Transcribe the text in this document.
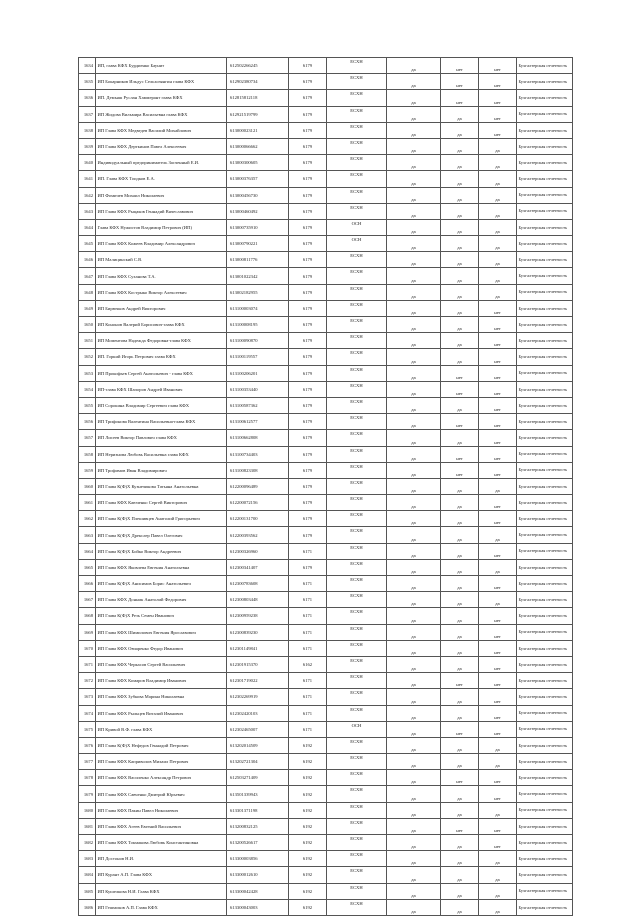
1634	ИП, глава КФХ Бурдиенко Баунит	612502266245	6179	ЕСХН	да	нет	нет	Бухгалтерская отчетность
1635	ИП Бокарников Ильдус Сельхозянгин глава КФХ	612902380734	6179	ЕСХН	да	нет	нет	Бухгалтерская отчетность
1636	ИП. Демьяш Руслан Хаммерант глава КФХ	612815812118	6179	ЕСХН	да	нет	нет	Бухгалтерская отчетность
1637	ИП Жидова Вильмира Васильевна глава КФХ	612921519799	6179	ЕСХН	да	да	нет	Бухгалтерская отчетность
1638	ИП Глава КФХ Медведев Василий Михайлович	613000023121	6179	ЕСХН	да	да	нет	Бухгалтерская отчетность
1639	ИП Глава КФХ Дерткинов Павел Алексеевич	613000066662	6179	ЕСХН	да	да	да	Бухгалтерская отчетность
1640	Индивидуальный предприниматель Засченный Е.И.	613000300605	6179	ЕСХН	да	да	да	Бухгалтерская отчетность
1641	ИП. Глава КФХ Тоидков Е.А.	613000376357	6179	ЕСХН	да	да	да	Бухгалтерская отчетность
1642	ИП Фомичев Михаил Николаевич	613000456730	6179	ЕСХН	да	да	да	Бухгалтерская отчетность
1643	ИП Глава КФХ Рыцаков Геннадий Вячеславович	613000460492	6179	ЕСХН	да	да	да	Бухгалтерская отчетность
1644	Глава КФХ Нужистов Владимир Петрович (ИП)	613000735910	6179	ОСН	да	да	да	Бухгалтерская отчетность
1645	ИП Глава КФХ Кожеев Владимир Александрович	613000790221	6179	ОСН	да	да	да	Бухгалтерская отчетность
1646	ИП Малицинский С.В.	613000811776	6179	ЕСХН	да	да	да	Бухгалтерская отчетность
1647	ИП Глава КФХ Суханова Т.А.	613001022342	6179	ЕСХН	да	да	да	Бухгалтерская отчетность
1648	ИП Глава КФХ Кострыко Виктор Алексеевич	613002182955	6179	ЕСХН	да	да	да	Бухгалтерская отчетность
1649	ИП Бирючков Андрей Викторович	613100003074	6179	ЕСХН	да	да	нет	Бухгалтерская отчетность
1650	ИП Кононов Валерий Борисович-глава КФХ	613100008195	6179	ЕСХН	да	да	нет	Бухгалтерская отчетность
1651	ИП Моментова Надежда Федоровна-глава КФХ	613100090870	6179	ЕСХН	да	да	нет	Бухгалтерская отчетность
1652	ИП. Горкий Игорь Петрович глава КФХ	613100119557	6179	ЕСХН	да	да	нет	Бухгалтерская отчетность
1653	ИП Прокофьев Сергей Анатольевич - глава КФХ	613100206201	6179	ЕСХН	да	нет	нет	Бухгалтерская отчетность
1654	ИП-глава КФХ Шапоров Андрей Иванович	613100353440	6179	ЕСХН	да	нет	нет	Бухгалтерская отчетность
1655	ИП Сорокина Владимир Сергеевич глава КФХ	613100587362	6179	ЕСХН	да	да	нет	Бухгалтерская отчетность
1656	ИП Трифонова Валентина Васильевна-глава КФХ	613100612577	6179	ЕСХН	да	нет	нет	Бухгалтерская отчетность
1657	ИП Лисеев Виктор Павлович глава КФХ	613100662808	6179	ЕСХН	да	да	нет	Бухгалтерская отчетность
1658	ИП Неризнова Любовь Васильевна глава КФХ	613100734403	6179	ЕСХН	да	нет	нет	Бухгалтерская отчетность
1659	ИП Трофимов Иван Владимирович	613100823308	6179	ЕСХН	да	нет	нет	Бухгалтерская отчетность
1660	ИП Глава К(Ф)Х Кузнечикова Татьяна Анатольевна	612200096489	6179	ЕСХН	да	да	да	Бухгалтерская отчетность
1661	ИП Глава КФХ Каюченко Сергей Викторович	612200072156	6179	ЕСХН	да	да	нет	Бухгалтерская отчетность
1662	ИП Глава К(Ф)Х Плешивцев Анатолий Григорьевич	612200131700	6179	ЕСХН	да	да	нет	Бухгалтерская отчетность
1663	ИП Глава К(Ф)Х Дрекслер Павел Олегович	612200393562	6179	ЕСХН	да	да	да	Бухгалтерская отчетность
1664	ИП Глава К(Ф)Х Бойко Виктор Андреевич	612300326960	6171	ЕСХН	да	да	нет	Бухгалтерская отчетность
1665	ИП Глава КФХ Яковлева Евгения Анатольевна	612300341407	6179	ЕСХН	да	да	да	Бухгалтерская отчетность
1666	ИП Глава К(Ф)Х Анисимов Борис Анатольевич	612300783608	6171	ЕСХН	да	да	нет	Бухгалтерская отчетность
1667	ИП Глава КФХ Донник Анатолий Федорович	612300803448	6171	ЕСХН	да	да	да	Бухгалтерская отчетность
1668	ИП Глава К(Ф)Х Резь Семен Иванович	612300959238	6171	ЕСХН	да	да	нет	Бухгалтерская отчетность
1669	ИП Глава КФХ Шимилович Евгения Ярославович	612300839230	6171	ЕСХН	да	да	нет	Бухгалтерская отчетность
1670	ИП Глава КФХ Овчаренко Федор Иванович	612301149841	6171	ЕСХН	да	да	нет	Бухгалтерская отчетность
1671	ИП Глава КФХ Черкасов Сергей Васильевич	612301915370	6162	ЕСХН	да	да	нет	Бухгалтерская отчетность
1672	ИП Глава КФХ Комаров Владимир Иванович	612301719022	6171	ЕСХН	да	нет	нет	Бухгалтерская отчетность
1673	ИП Глава КФХ Зубкова Марина Николаевна	612302269919	6171	ЕСХН	да	да	нет	Бухгалтерская отчетность
1674	ИП Глава КФХ Рыльцев Виталий Иванович	612302420103	6171	ЕСХН	да	да	нет	Бухгалтерская отчетность
1675	ИП Кривой В.Ф. глава КФХ	612302465007	6171	ОСН	да	нет	нет	Бухгалтерская отчетность
1676	ИП Глава К(Ф)Х Нефедов Геннадий Петрович	613202014509	6192	ЕСХН	да	да	да	Бухгалтерская отчетность
1677	ИП Глава КФХ Каприволов Михаил Петрович	613202721304	6192	ЕСХН	да	да	да	Бухгалтерская отчетность
1678	ИП Глава КФХ Василенко Александр Петрович	612503271409	6192	ЕСХН	да	нет	нет	Бухгалтерская отчетность
1679	ИП Глава КФХ Савченко Дмитрий Юрьевич	613501339943	6192	ЕСХН	да	да	нет	Бухгалтерская отчетность
1680	ИП Глава КФХ Пакин Павел Николаевич	613301371198	6192	ЕСХН	да	да	да	Бухгалтерская отчетность
1681	ИП Глава КФХ Агеев Евгений Васильевич	613200832125	6192	ЕСХН	да	нет	нет	Бухгалтерская отчетность
1682	ИП Глава КФХ Токмакова Любовь Константиновна	613200526617	6192	ЕСХН	да	да	нет	Бухгалтерская отчетность
1683	ИП Достонов Н.И.	613300003856	6192	ЕСХН	да	да	да	Бухгалтерская отчетность
1684	ИП Курант А.П. Глава КФХ	613300012610	6192	ЕСХН	да	да	да	Бухгалтерская отчетность
1685	ИП Кушелкова Н.И. Глава КФХ	613300042428	6192	ЕСХН	да	да	да	Бухгалтерская отчетность
1686	ИП Гешмоков А.П. Глава КФХ	613300043003	6192	ЕСХН	да	да	да	Бухгалтерская отчетность
